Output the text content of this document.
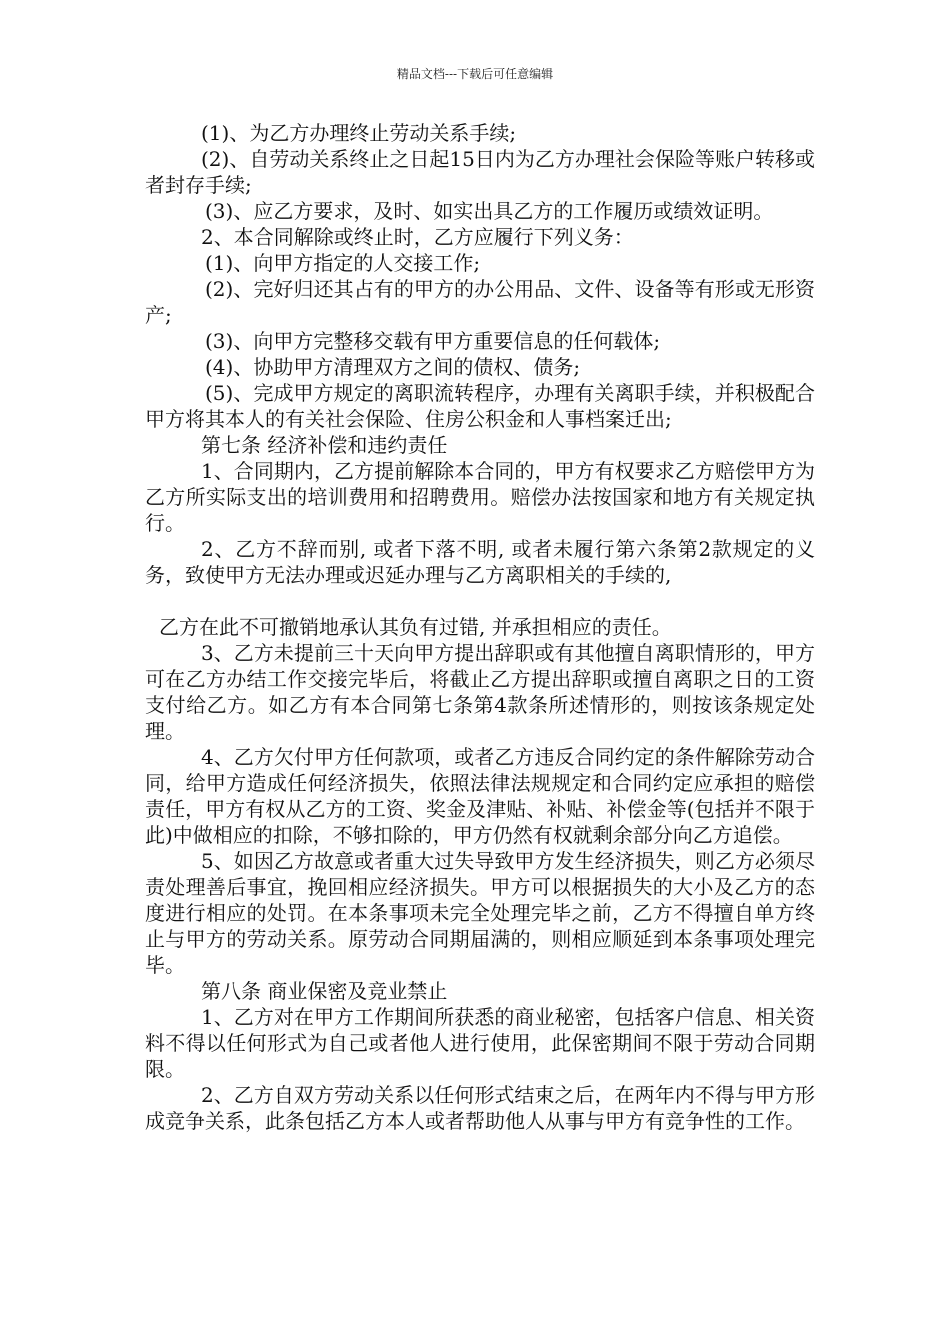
精品文档---下载后可任意编辑

(1)、为乙方办理终止劳动关系手续;

(2)、自劳动关系终止之日起15日内为乙方办理社会保险等账户转移或者封存手续;

(3)、应乙方要求，及时、如实出具乙方的工作履历或绩效证明。

2、本合同解除或终止时，乙方应履行下列义务：

(1)、向甲方指定的人交接工作;

(2)、完好归还其占有的甲方的办公用品、文件、设备等有形或无形资产;

(3)、向甲方完整移交载有甲方重要信息的任何载体;

(4)、协助甲方清理双方之间的债权、债务;

(5)、完成甲方规定的离职流转程序，办理有关离职手续，并积极配合甲方将其本人的有关社会保险、住房公积金和人事档案迁出;

第七条 经济补偿和违约责任

1、合同期内，乙方提前解除本合同的，甲方有权要求乙方赔偿甲方为乙方所实际支出的培训费用和招聘费用。赔偿办法按国家和地方有关规定执行。

2、乙方不辞而别, 或者下落不明, 或者未履行第六条第2款规定的义务，致使甲方无法办理或迟延办理与乙方离职相关的手续的,

乙方在此不可撤销地承认其负有过错, 并承担相应的责任。

3、乙方未提前三十天向甲方提出辞职或有其他擅自离职情形的，甲方可在乙方办结工作交接完毕后，将截止乙方提出辞职或擅自离职之日的工资支付给乙方。如乙方有本合同第七条第4款条所述情形的，则按该条规定处理。

4、乙方欠付甲方任何款项，或者乙方违反合同约定的条件解除劳动合同，给甲方造成任何经济损失，依照法律法规规定和合同约定应承担的赔偿责任，甲方有权从乙方的工资、奖金及津贴、补贴、补偿金等(包括并不限于此)中做相应的扣除，不够扣除的，甲方仍然有权就剩余部分向乙方追偿。

5、如因乙方故意或者重大过失导致甲方发生经济损失，则乙方必须尽责处理善后事宜，挽回相应经济损失。甲方可以根据损失的大小及乙方的态度进行相应的处罚。在本条事项未完全处理完毕之前，乙方不得擅自单方终止与甲方的劳动关系。原劳动合同期届满的，则相应顺延到本条事项处理完毕。

第八条 商业保密及竞业禁止

1、乙方对在甲方工作期间所获悉的商业秘密，包括客户信息、相关资料不得以任何形式为自己或者他人进行使用，此保密期间不限于劳动合同期限。

2、乙方自双方劳动关系以任何形式结束之后，在两年内不得与甲方形成竞争关系，此条包括乙方本人或者帮助他人从事与甲方有竞争性的工作。
